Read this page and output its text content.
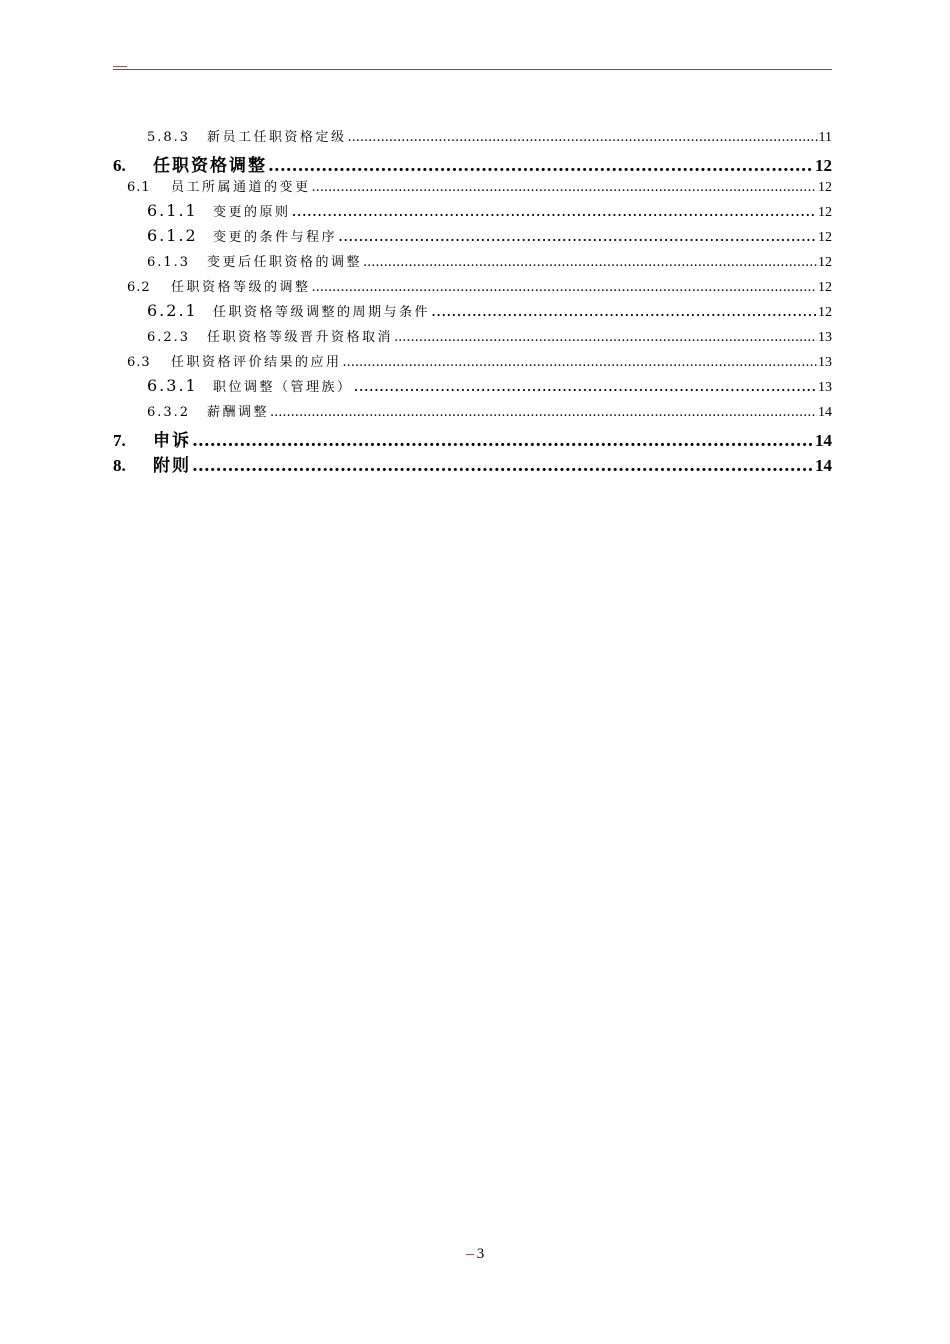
5.8.3	新员工任职资格定级 .....	11
6.	任职资格调整 .....	12
6.1	员工所属通道的变更 .....	12
6.1.1	变更的原则 .....	12
6.1.2	变更的条件与程序 .....	12
6.1.3	变更后任职资格的调整 .....	12
6.2	任职资格等级的调整 .....	12
6.2.1	任职资格等级调整的周期与条件 .....	12
6.2.3	任职资格等级晋升资格取消 .....	13
6.3	任职资格评价结果的应用 .....	13
6.3.1	职位调整（管理族） .....	13
6.3.2	薪酬调整 .....	14
7.	申诉 .....	14
8.	附则 .....	14
3
